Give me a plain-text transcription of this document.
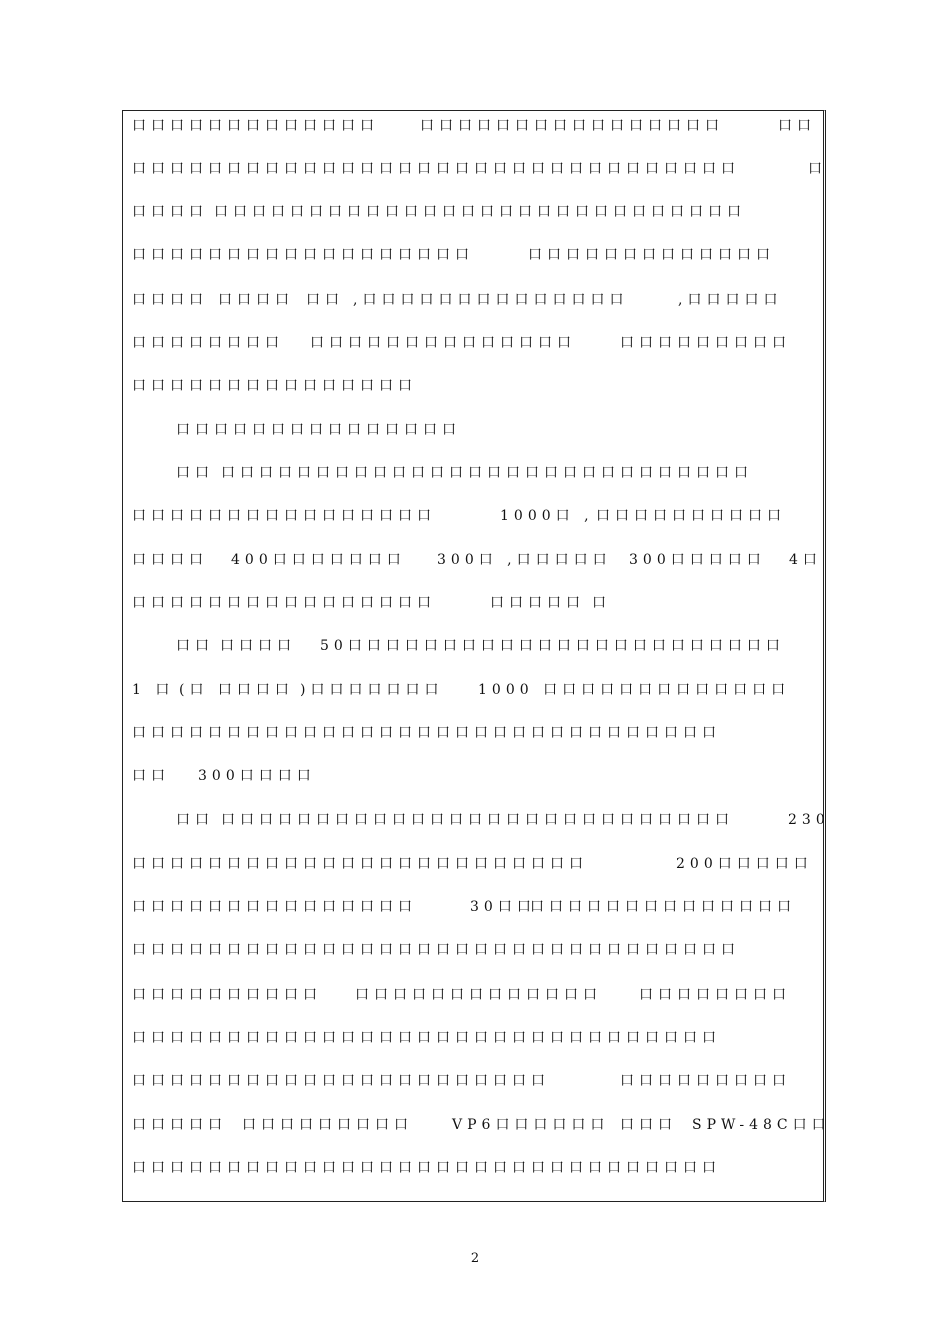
口口口口口口口口口口口口口	口口口口口口口口口口口口口口口口	口口
口口口口口口口口口口口口口口口口口口口口口口口口口口口口口口口口	口
口口口口 口口口口口口口口口口口口口口口口口口口口口口口口口口口口
口口口口口口口口口口口口口口口口口口	口口口口口口口口口口口口口
口口口口 口口口口 口口 ,口口口口口口口口口口口口口口	,口口口口口
口口口口口口口口 口口口口口口口口口口口口口口	口口口口口口口口口
口口口口口口口口口口口口口口口
口口口口口口口口口口口口口口口
口口 口口口口口口口口口口口口口口口口口口口口口口口口口口口口
口口口口口口口口口口口口口口口口	1000口 , 口口口口口口口口口口
口口口口 400口口口口口口口 300口 ,口口口口口 300口口口口口 4口
口口口口口口口口口口口口口口口口	口口口口口 口
口口 口口口口 50口口口口口口口口口口口口口口口口口口口口口口口
1 口 (口 口口口口 )口口口口口口口 1000 口口口口口口口口口口口口口
口口口口口口口口口口口口口口口口口口口口口口口口口口口口口口口
口口 300口口口口
口口 口口口口口口口口口口口口口口口口口口口口口口口口口口口	230
口口口口口口口口口口口口口口口口口口口口口口口口	200口口口口口
口口口口口口口口口口口口口口口	30口口
口口口口口口口口口口口口口口
口口口口口口口口口口口口口口口口口口口口口口口口口口口口口口口口
口口口口口口口口口口 口口口口口口口口口口口口口	口口口口口口口口
口口口口口口口口口口口口口口口口口口口口口口口口口口口口口口口
口口口口口口口口口口口口口口口口口口口口口口	口口口口口口口口口
口口口口口 口口口口口口口口口	VP6口口口口口口 口口口 SPW-48C口口
口口口口口口口口口口口口口口口口口口口口口口口口口口口口口口口
2
